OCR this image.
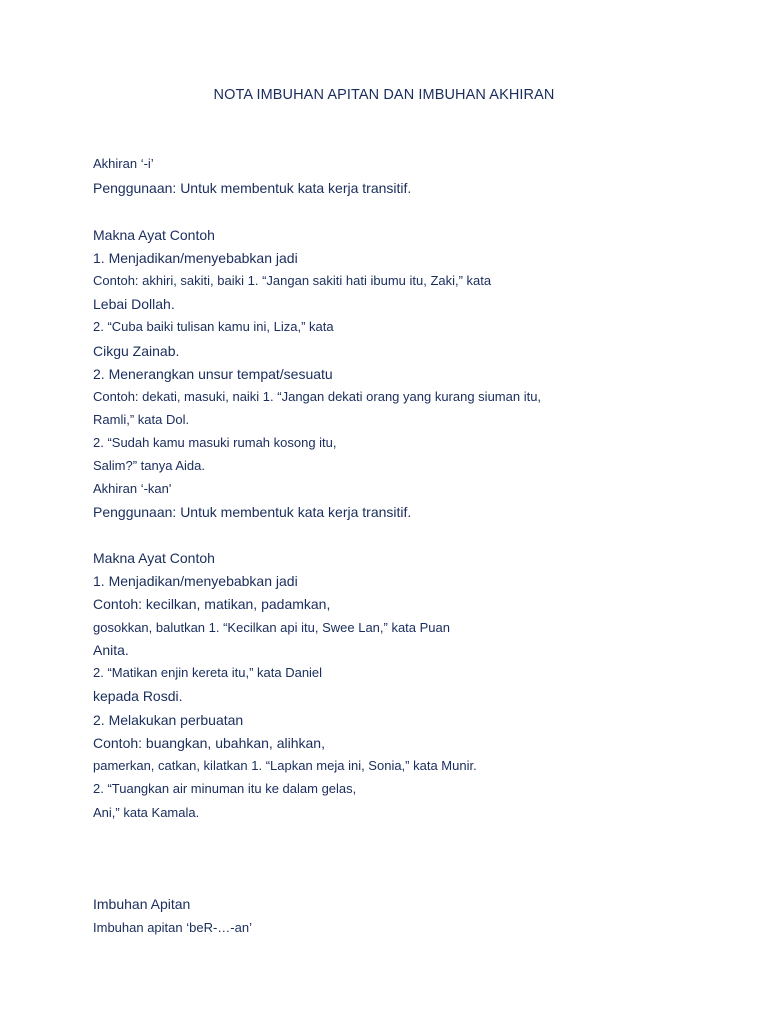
NOTA IMBUHAN APITAN DAN IMBUHAN AKHIRAN
Akhiran ‘-i’
Penggunaan: Untuk membentuk kata kerja transitif.
Makna Ayat Contoh
1. Menjadikan/menyebabkan jadi
Contoh: akhiri, sakiti, baiki 1. “Jangan sakiti hati ibumu itu, Zaki,” kata
Lebai Dollah.
2. “Cuba baiki tulisan kamu ini, Liza,” kata
Cikgu Zainab.
2. Menerangkan unsur tempat/sesuatu
Contoh: dekati, masuki, naiki 1. “Jangan dekati orang yang kurang siuman itu,
Ramli,” kata Dol.
2. “Sudah kamu masuki rumah kosong itu,
Salim?” tanya Aida.
Akhiran ‘-kan'
Penggunaan: Untuk membentuk kata kerja transitif.
Makna Ayat Contoh
1. Menjadikan/menyebabkan jadi
Contoh: kecilkan, matikan, padamkan,
gosokkan, balutkan 1. “Kecilkan api itu, Swee Lan,” kata Puan
Anita.
2. “Matikan enjin kereta itu,” kata Daniel
kepada Rosdi.
2. Melakukan perbuatan
Contoh: buangkan, ubahkan, alihkan,
pamerkan, catkan, kilatkan 1. “Lapkan meja ini, Sonia,” kata Munir.
2. “Tuangkan air minuman itu ke dalam gelas,
Ani,” kata Kamala.
Imbuhan Apitan
Imbuhan apitan ‘beR-…-an’
